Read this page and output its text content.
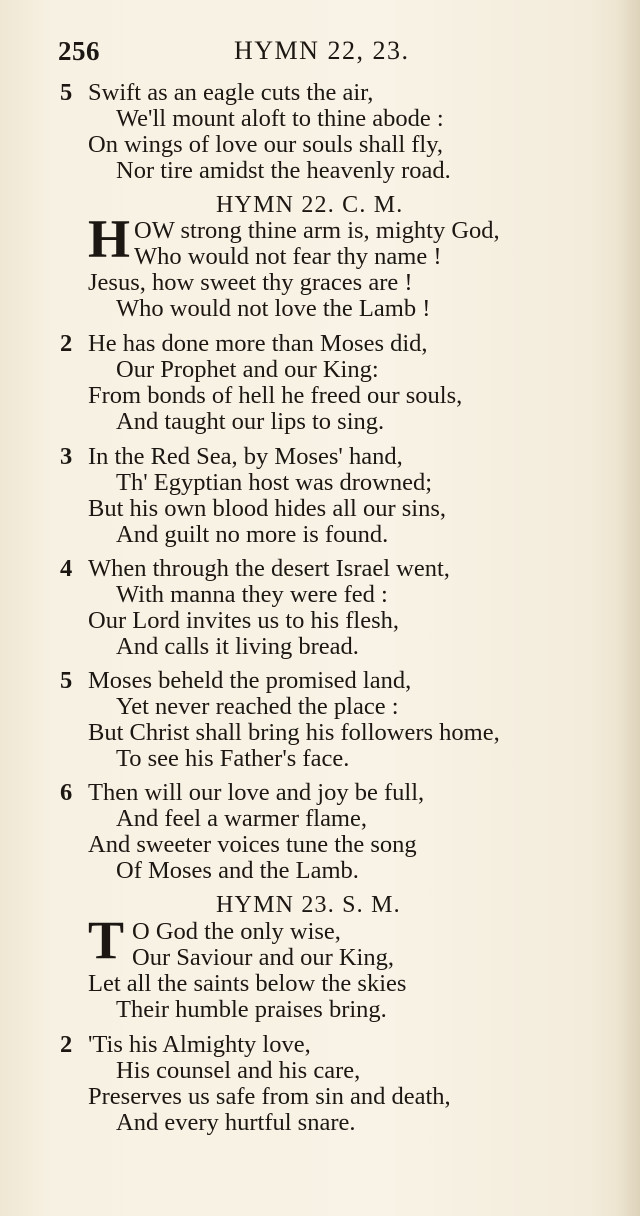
256	HYMN 22, 23.
5 Swift as an eagle cuts the air,
We'll mount aloft to thine abode :
On wings of love our souls shall fly,
Nor tire amidst the heavenly road.
HYMN 22. C. M.
H OW strong thine arm is, mighty God,
Who would not fear thy name !
Jesus, how sweet thy graces are !
Who would not love the Lamb !
2 He has done more than Moses did,
Our Prophet and our King:
From bonds of hell he freed our souls,
And taught our lips to sing.
3 In the Red Sea, by Moses' hand,
Th' Egyptian host was drowned;
But his own blood hides all our sins,
And guilt no more is found.
4 When through the desert Israel went,
With manna they were fed :
Our Lord invites us to his flesh,
And calls it living bread.
5 Moses beheld the promised land,
Yet never reached the place :
But Christ shall bring his followers home,
To see his Father's face.
6 Then will our love and joy be full,
And feel a warmer flame,
And sweeter voices tune the song
Of Moses and the Lamb.
HYMN 23. S. M.
T O God the only wise,
Our Saviour and our King,
Let all the saints below the skies
Their humble praises bring.
2 'Tis his Almighty love,
His counsel and his care,
Preserves us safe from sin and death,
And every hurtful snare.
